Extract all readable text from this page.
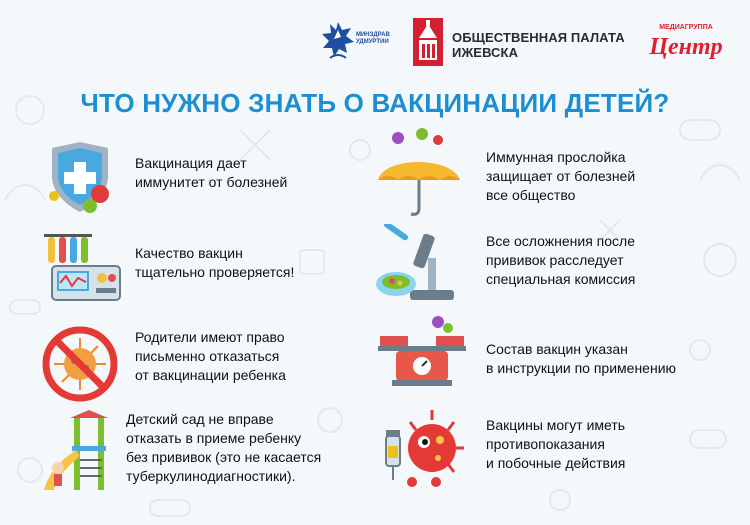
МИНЗДРАВ УДМУРТИИ	ОБЩЕСТВЕННАЯ ПАЛАТА ИЖЕВСКА
МЕДИАГРУППА
Центр
ЧТО НУЖНО ЗНАТЬ О ВАКЦИНАЦИИ ДЕТЕЙ?
Вакцинация дает
иммунитет от болезней
Качество вакцин
тщательно проверяется!
Родители имеют право
письменно отказаться
от вакцинации ребенка
Детский сад не вправе
отказать в приеме ребенку
без прививок (это не касается
туберкулинодиагностики).
Иммунная прослойка
защищает от болезней
все общество
Все осложнения после
прививок расследует
специальная комиссия
Состав вакцин указан
в инструкции по применению
Вакцины могут иметь
противопоказания
и побочные действия
